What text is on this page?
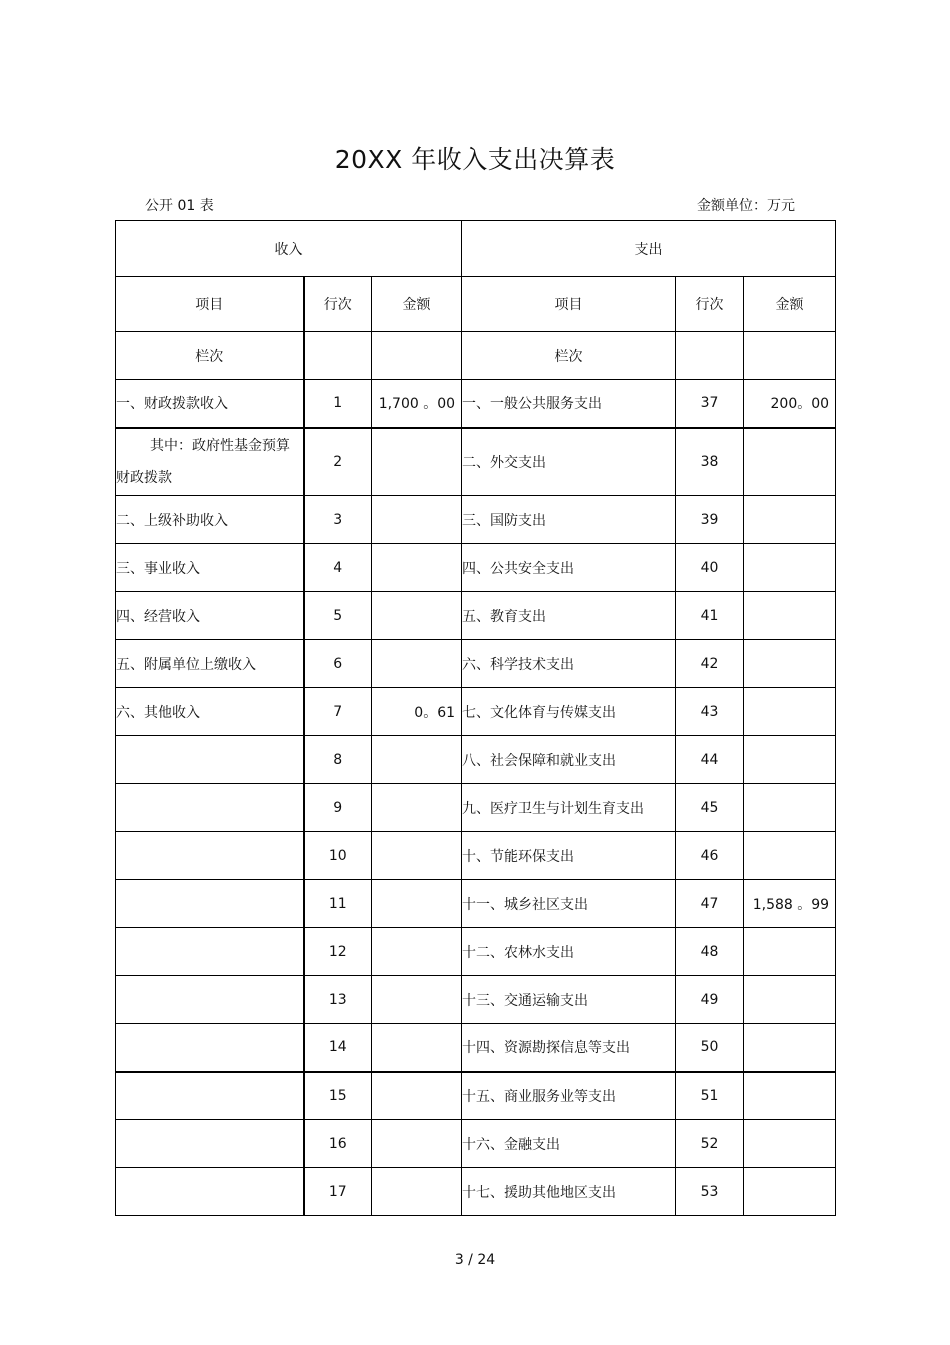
20XX 年收入支出决算表
公开 01 表	金额单位：万元
收入			支出		
项目	行次	金额	项目	行次	金额
栏次			栏次		
一、财政拨款收入	1	1,700 。00	一、一般公共服务支出	37	200。00
其中：政府性基金预算财政拨款	2		二、外交支出	38	
二、上级补助收入	3		三、国防支出	39	
三、事业收入	4		四、公共安全支出	40	
四、经营收入	5		五、教育支出	41	
五、附属单位上缴收入	6		六、科学技术支出	42	
六、其他收入	7	0。61	七、文化体育与传媒支出	43	
	8		八、社会保障和就业支出	44	
	9		九、医疗卫生与计划生育支出	45	
	10		十、节能环保支出	46	
	11		十一、城乡社区支出	47	1,588 。99
	12		十二、农林水支出	48	
	13		十三、交通运输支出	49	
	14		十四、资源勘探信息等支出	50	
	15		十五、商业服务业等支出	51	
	16		十六、金融支出	52	
	17		十七、援助其他地区支出	53	
3 / 24
